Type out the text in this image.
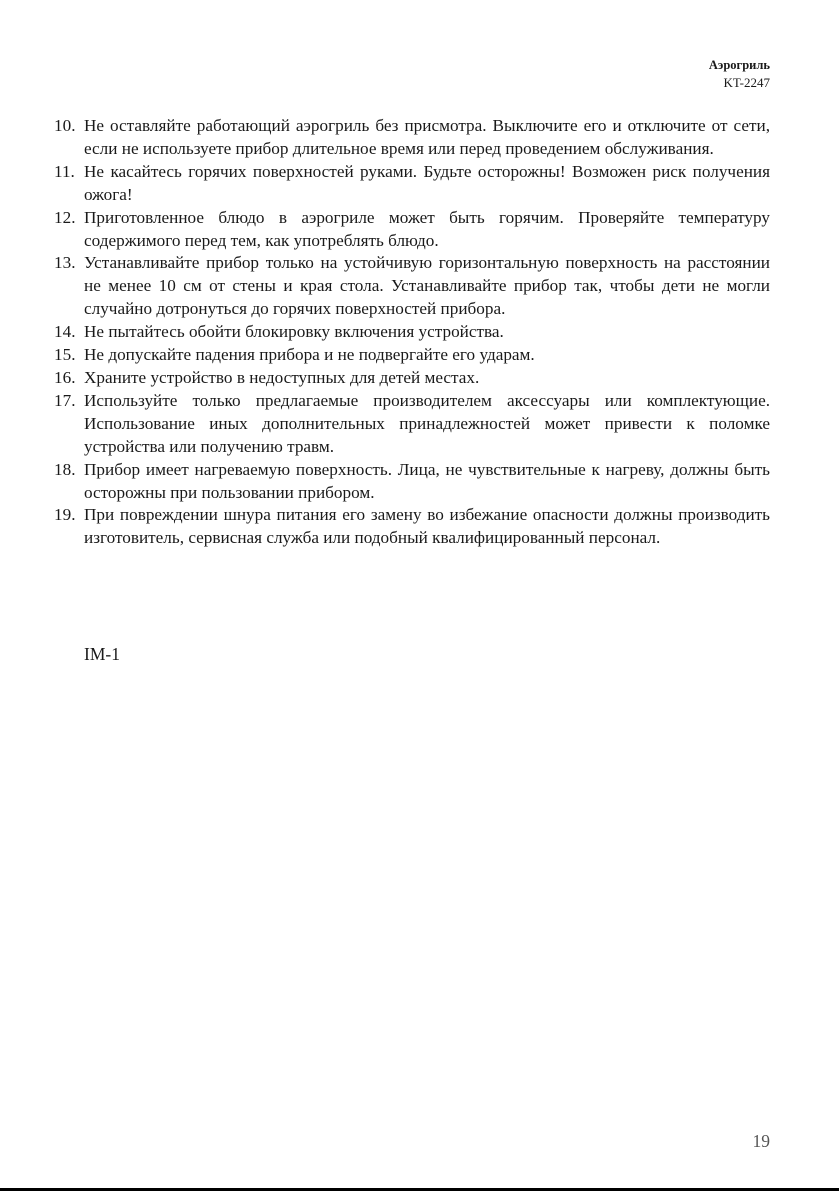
Аэрогриль
KT-2247
10. Не оставляйте работающий аэрогриль без присмотра. Выключите его и отключите от сети, если не используете прибор длительное время или перед проведением обслуживания.
11. Не касайтесь горячих поверхностей руками. Будьте осторожны! Возможен риск получения ожога!
12. Приготовленное блюдо в аэрогриле может быть горячим. Проверяйте температуру содержимого перед тем, как употреблять блюдо.
13. Устанавливайте прибор только на устойчивую горизонтальную поверхность на расстоянии не менее 10 см от стены и края стола. Устанавливайте прибор так, чтобы дети не могли случайно дотронуться до горячих поверхностей прибора.
14. Не пытайтесь обойти блокировку включения устройства.
15. Не допускайте падения прибора и не подвергайте его ударам.
16. Храните устройство в недоступных для детей местах.
17. Используйте только предлагаемые производителем аксессуары или комплектующие. Использование иных дополнительных принадлежностей может привести к поломке устройства или получению травм.
18. Прибор имеет нагреваемую поверхность. Лица, не чувствительные к нагреву, должны быть осторожны при пользовании прибором.
19. При повреждении шнура питания его замену во избежание опасности должны производить изготовитель, сервисная служба или подобный квалифицированный персонал.
IM-1
19
